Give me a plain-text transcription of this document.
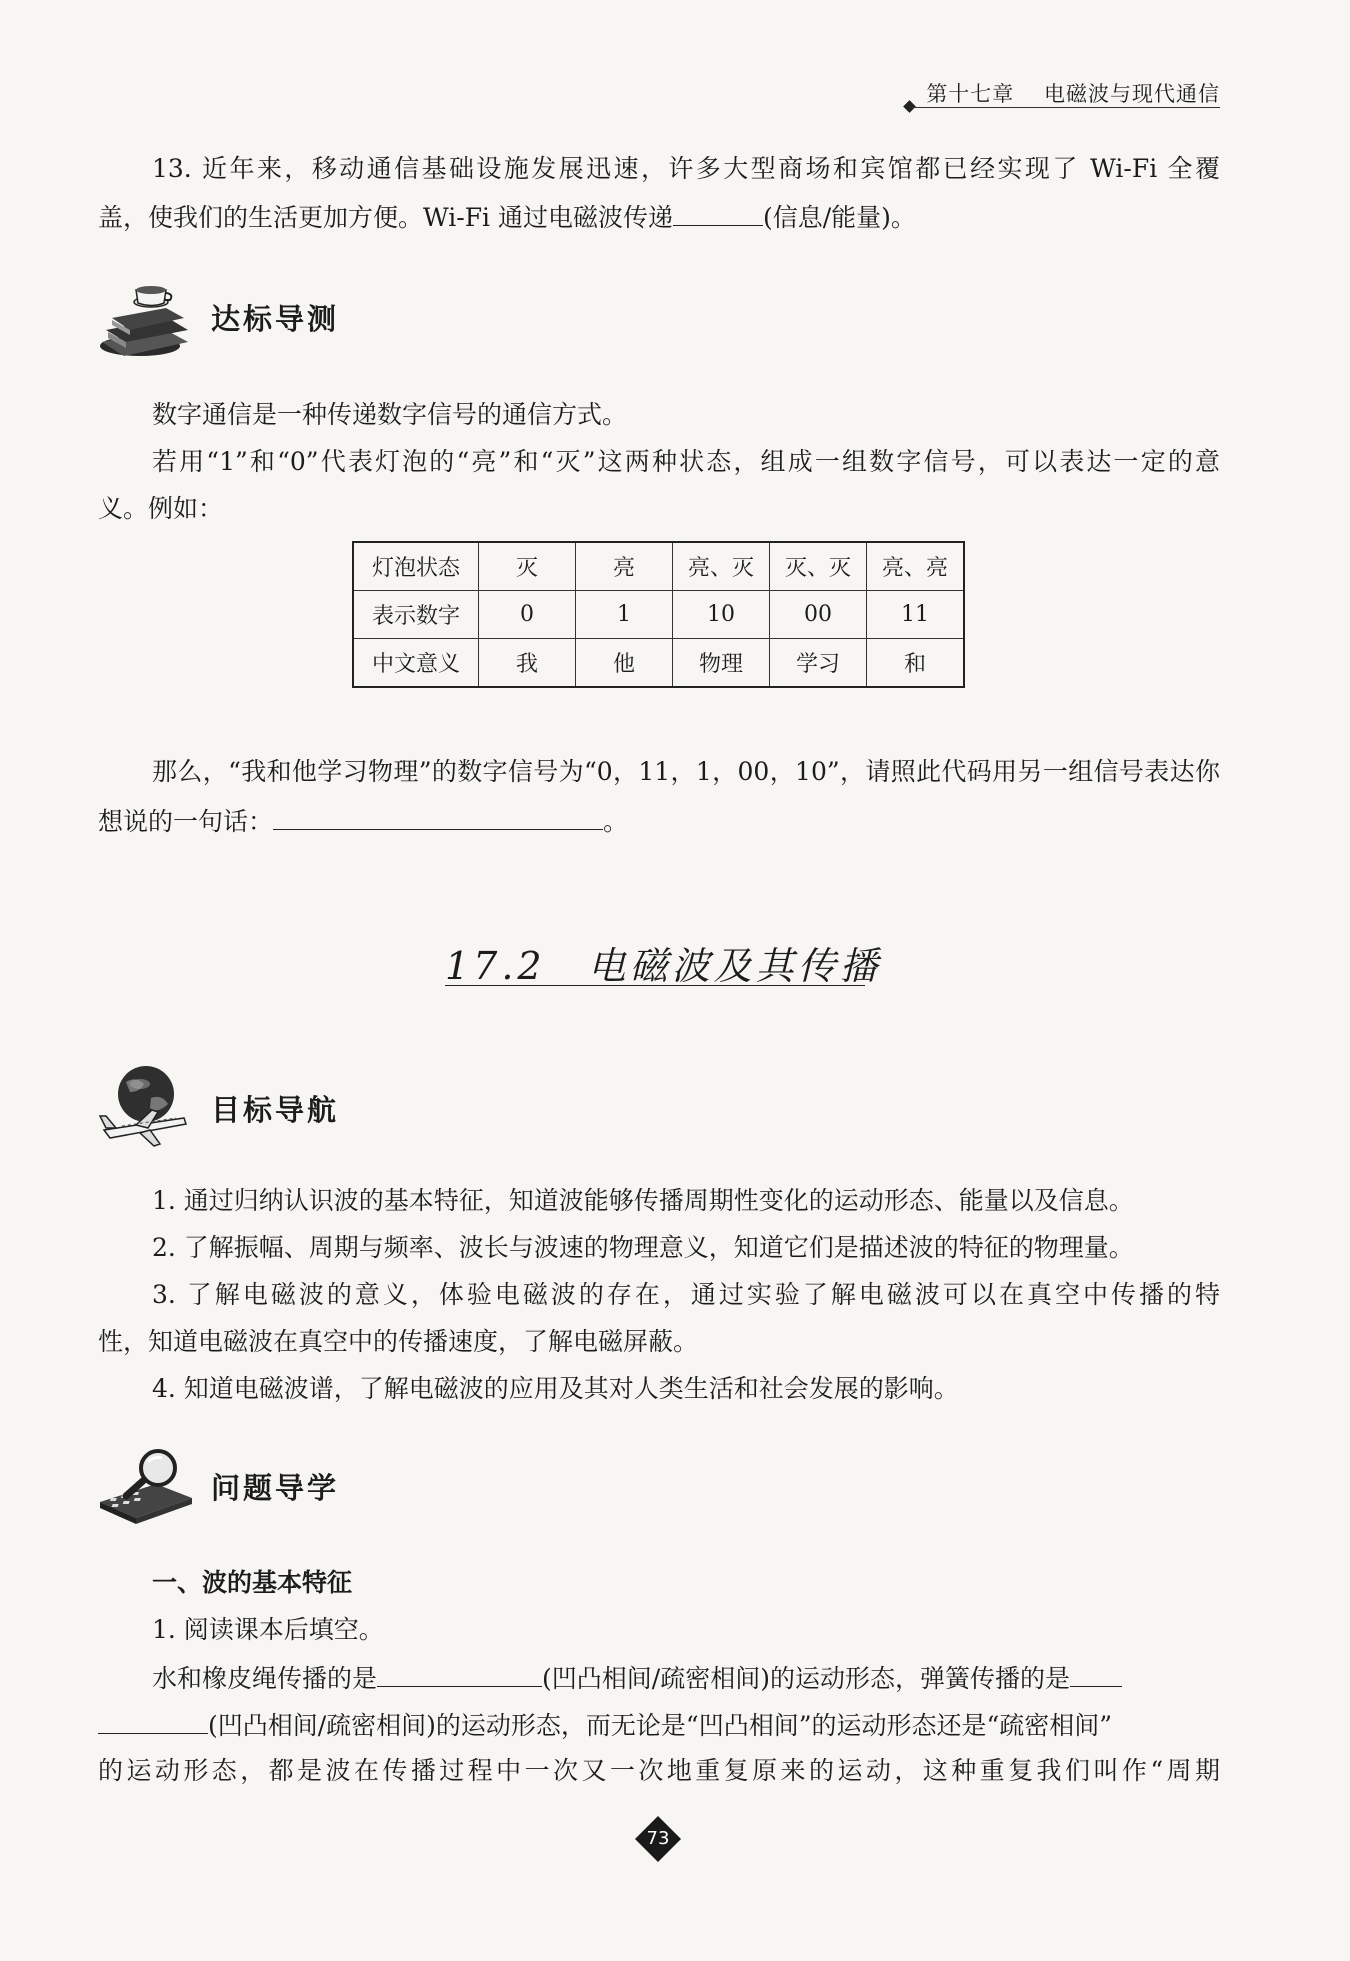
第十七章 电磁波与现代通信
13. 近年来，移动通信基础设施发展迅速，许多大型商场和宾馆都已经实现了 Wi-Fi 全覆
盖，使我们的生活更加方便。Wi-Fi 通过电磁波传递	(信息/能量)。
达标导测
数字通信是一种传递数字信号的通信方式。
若用“1”和“0”代表灯泡的“亮”和“灭”这两种状态，组成一组数字信号，可以表达一定的意
义。例如：
灯泡状态	灭	亮	亮、灭	灭、灭	亮、亮
表示数字	0	1	10	00	11
中文意义	我	他	物理	学习	和
那么，“我和他学习物理”的数字信号为“0，11，1，00，10”，请照此代码用另一组信号表达你
想说的一句话：	。
17.2 电磁波及其传播
目标导航
1. 通过归纳认识波的基本特征，知道波能够传播周期性变化的运动形态、能量以及信息。
2. 了解振幅、周期与频率、波长与波速的物理意义，知道它们是描述波的特征的物理量。
3. 了解电磁波的意义，体验电磁波的存在，通过实验了解电磁波可以在真空中传播的特
性，知道电磁波在真空中的传播速度，了解电磁屏蔽。
4. 知道电磁波谱，了解电磁波的应用及其对人类生活和社会发展的影响。
问题导学
一、波的基本特征
1. 阅读课本后填空。
水和橡皮绳传播的是	(凹凸相间/疏密相间)的运动形态，弹簧传播的是
(凹凸相间/疏密相间)的运动形态，而无论是“凹凸相间”的运动形态还是“疏密相间”
的运动形态，都是波在传播过程中一次又一次地重复原来的运动，这种重复我们叫作“周期
73
